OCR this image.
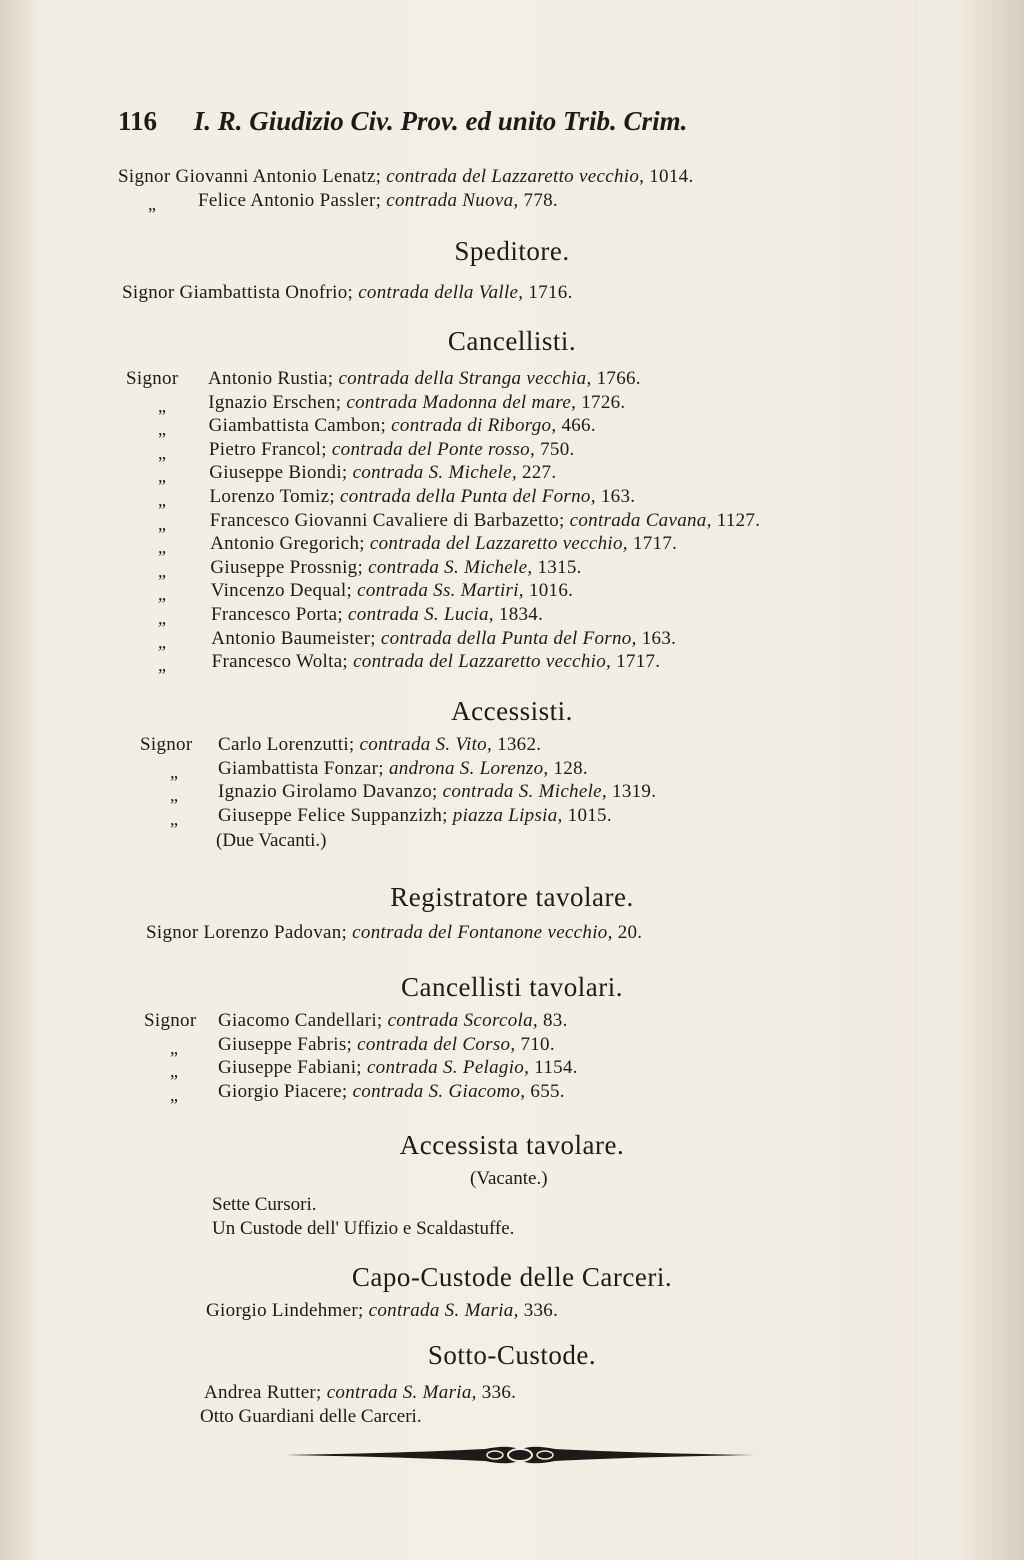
116 I. R. Giudizio Civ. Prov. ed unito Trib. Crim.
Signor Giovanni Antonio Lenatz; contrada del Lazzaretto vecchio, 1014.
„ Felice Antonio Passler; contrada Nuova, 778.
Speditore.
Signor Giambattista Onofrio; contrada della Valle, 1716.
Cancellisti.
Signor Antonio Rustia; contrada della Stranga vecchia, 1766.
„ Ignazio Erschen; contrada Madonna del mare, 1726.
„ Giambattista Cambon; contrada di Riborgo, 466.
„ Pietro Francol; contrada del Ponte rosso, 750.
„ Giuseppe Biondi; contrada S. Michele, 227.
„ Lorenzo Tomiz; contrada della Punta del Forno, 163.
„ Francesco Giovanni Cavaliere di Barbazetto; contrada Cavana, 1127.
„ Antonio Gregorich; contrada del Lazzaretto vecchio, 1717.
„ Giuseppe Prossnig; contrada S. Michele, 1315.
„ Vincenzo Dequal; contrada Ss. Martiri, 1016.
„ Francesco Porta; contrada S. Lucia, 1834.
„ Antonio Baumeister; contrada della Punta del Forno, 163.
„ Francesco Wolta; contrada del Lazzaretto vecchio, 1717.
Accessisti.
Signor Carlo Lorenzutti; contrada S. Vito, 1362.
„ Giambattista Fonzar; androna S. Lorenzo, 128.
„ Ignazio Girolamo Davanzo; contrada S. Michele, 1319.
„ Giuseppe Felice Suppanzizh; piazza Lipsia, 1015.
(Due Vacanti.)
Registratore tavolare.
Signor Lorenzo Padovan; contrada del Fontanone vecchio, 20.
Cancellisti tavolari.
Signor Giacomo Candellari; contrada Scorcola, 83.
„ Giuseppe Fabris; contrada del Corso, 710.
„ Giuseppe Fabiani; contrada S. Pelagio, 1154.
„ Giorgio Piacere; contrada S. Giacomo, 655.
Accessista tavolare.
(Vacante.)
Sette Cursori.
Un Custode dell' Uffizio e Scaldastuffe.
Capo-Custode delle Carceri.
Giorgio Lindehmer; contrada S. Maria, 336.
Sotto-Custode.
Andrea Rutter; contrada S. Maria, 336.
Otto Guardiani delle Carceri.
